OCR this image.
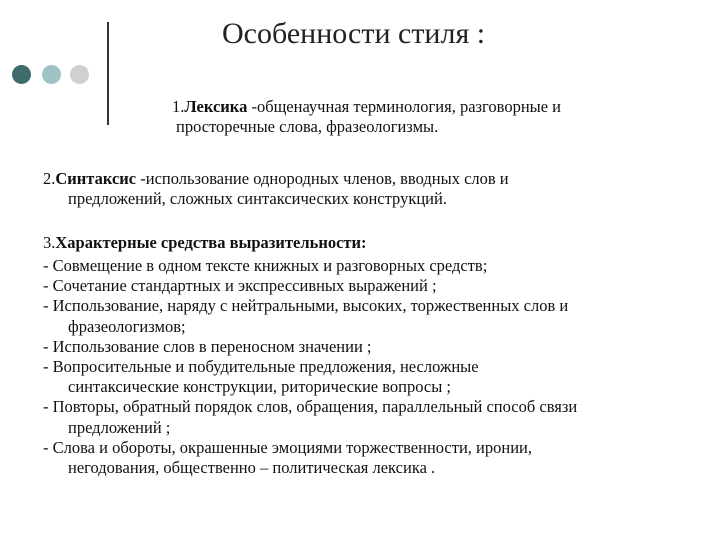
Особенности стиля :
1.Лексика -общенаучная терминология, разговорные и
просторечные слова, фразеологизмы.
2.Синтаксис -использование однородных членов, вводных слов и
предложений, сложных синтаксических конструкций.
3.Характерные средства выразительности:
- Совмещение в одном тексте книжных и разговорных средств;
- Сочетание стандартных и экспрессивных выражений ;
- Использование, наряду с нейтральными, высоких, торжественных слов и
фразеологизмов;
- Использование слов в переносном значении ;
- Вопросительные и побудительные предложения, несложные
синтаксические конструкции, риторические вопросы ;
- Повторы, обратный порядок слов, обращения, параллельный способ связи
предложений ;
- Слова и обороты, окрашенные эмоциями торжественности, иронии,
негодования, общественно – политическая лексика .
